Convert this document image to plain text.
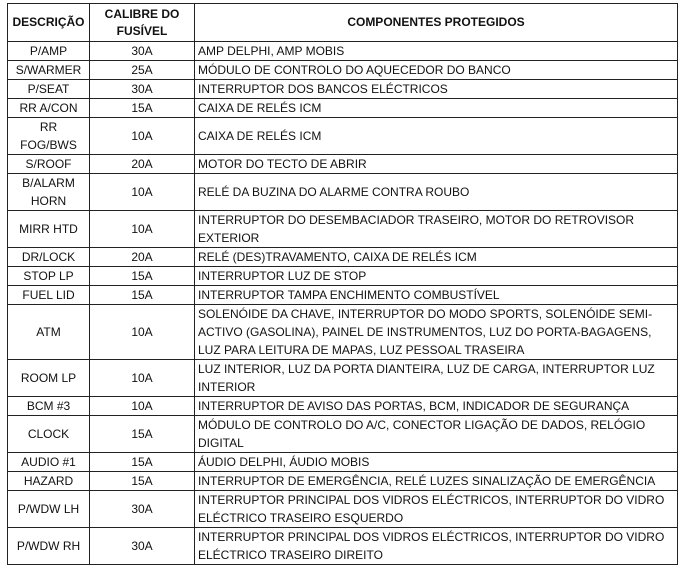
DESCRIÇÃO	CALIBRE DO FUSÍVEL	COMPONENTES PROTEGIDOS
P/AMP	30A	AMP DELPHI, AMP MOBIS
S/WARMER	25A	MÓDULO DE CONTROLO DO AQUECEDOR DO BANCO
P/SEAT	30A	INTERRUPTOR DOS BANCOS ELÉCTRICOS
RR A/CON	15A	CAIXA DE RELÉS ICM
RR FOG/BWS	10A	CAIXA DE RELÉS ICM
S/ROOF	20A	MOTOR DO TECTO DE ABRIR
B/ALARM HORN	10A	RELÉ DA BUZINA DO ALARME CONTRA ROUBO
MIRR HTD	10A	INTERRUPTOR DO DESEMBACIADOR TRASEIRO, MOTOR DO RETROVISOR EXTERIOR
DR/LOCK	20A	RELÉ (DES)TRAVAMENTO, CAIXA DE RELÉS ICM
STOP LP	15A	INTERRUPTOR LUZ DE STOP
FUEL LID	15A	INTERRUPTOR TAMPA ENCHIMENTO COMBUSTÍVEL
ATM	10A	SOLENÓIDE DA CHAVE, INTERRUPTOR DO MODO SPORTS, SOLENÓIDE SEMI-ACTIVO (GASOLINA), PAINEL DE INSTRUMENTOS, LUZ DO PORTA-BAGAGENS, LUZ PARA LEITURA DE MAPAS, LUZ PESSOAL TRASEIRA
ROOM LP	10A	LUZ INTERIOR, LUZ DA PORTA DIANTEIRA, LUZ DE CARGA, INTERRUPTOR LUZ INTERIOR
BCM #3	10A	INTERRUPTOR DE AVISO DAS PORTAS, BCM, INDICADOR DE SEGURANÇA
CLOCK	15A	MÓDULO DE CONTROLO DO A/C, CONECTOR LIGAÇÃO DE DADOS, RELÓGIO DIGITAL
AUDIO #1	15A	ÁUDIO DELPHI, ÁUDIO MOBIS
HAZARD	15A	INTERRUPTOR DE EMERGÊNCIA, RELÉ LUZES SINALIZAÇÃO DE EMERGÊNCIA
P/WDW LH	30A	INTERRUPTOR PRINCIPAL DOS VIDROS ELÉCTRICOS, INTERRUPTOR DO VIDRO ELÉCTRICO TRASEIRO ESQUERDO
P/WDW RH	30A	INTERRUPTOR PRINCIPAL DOS VIDROS ELÉCTRICOS, INTERRUPTOR DO VIDRO ELÉCTRICO TRASEIRO DIREITO
